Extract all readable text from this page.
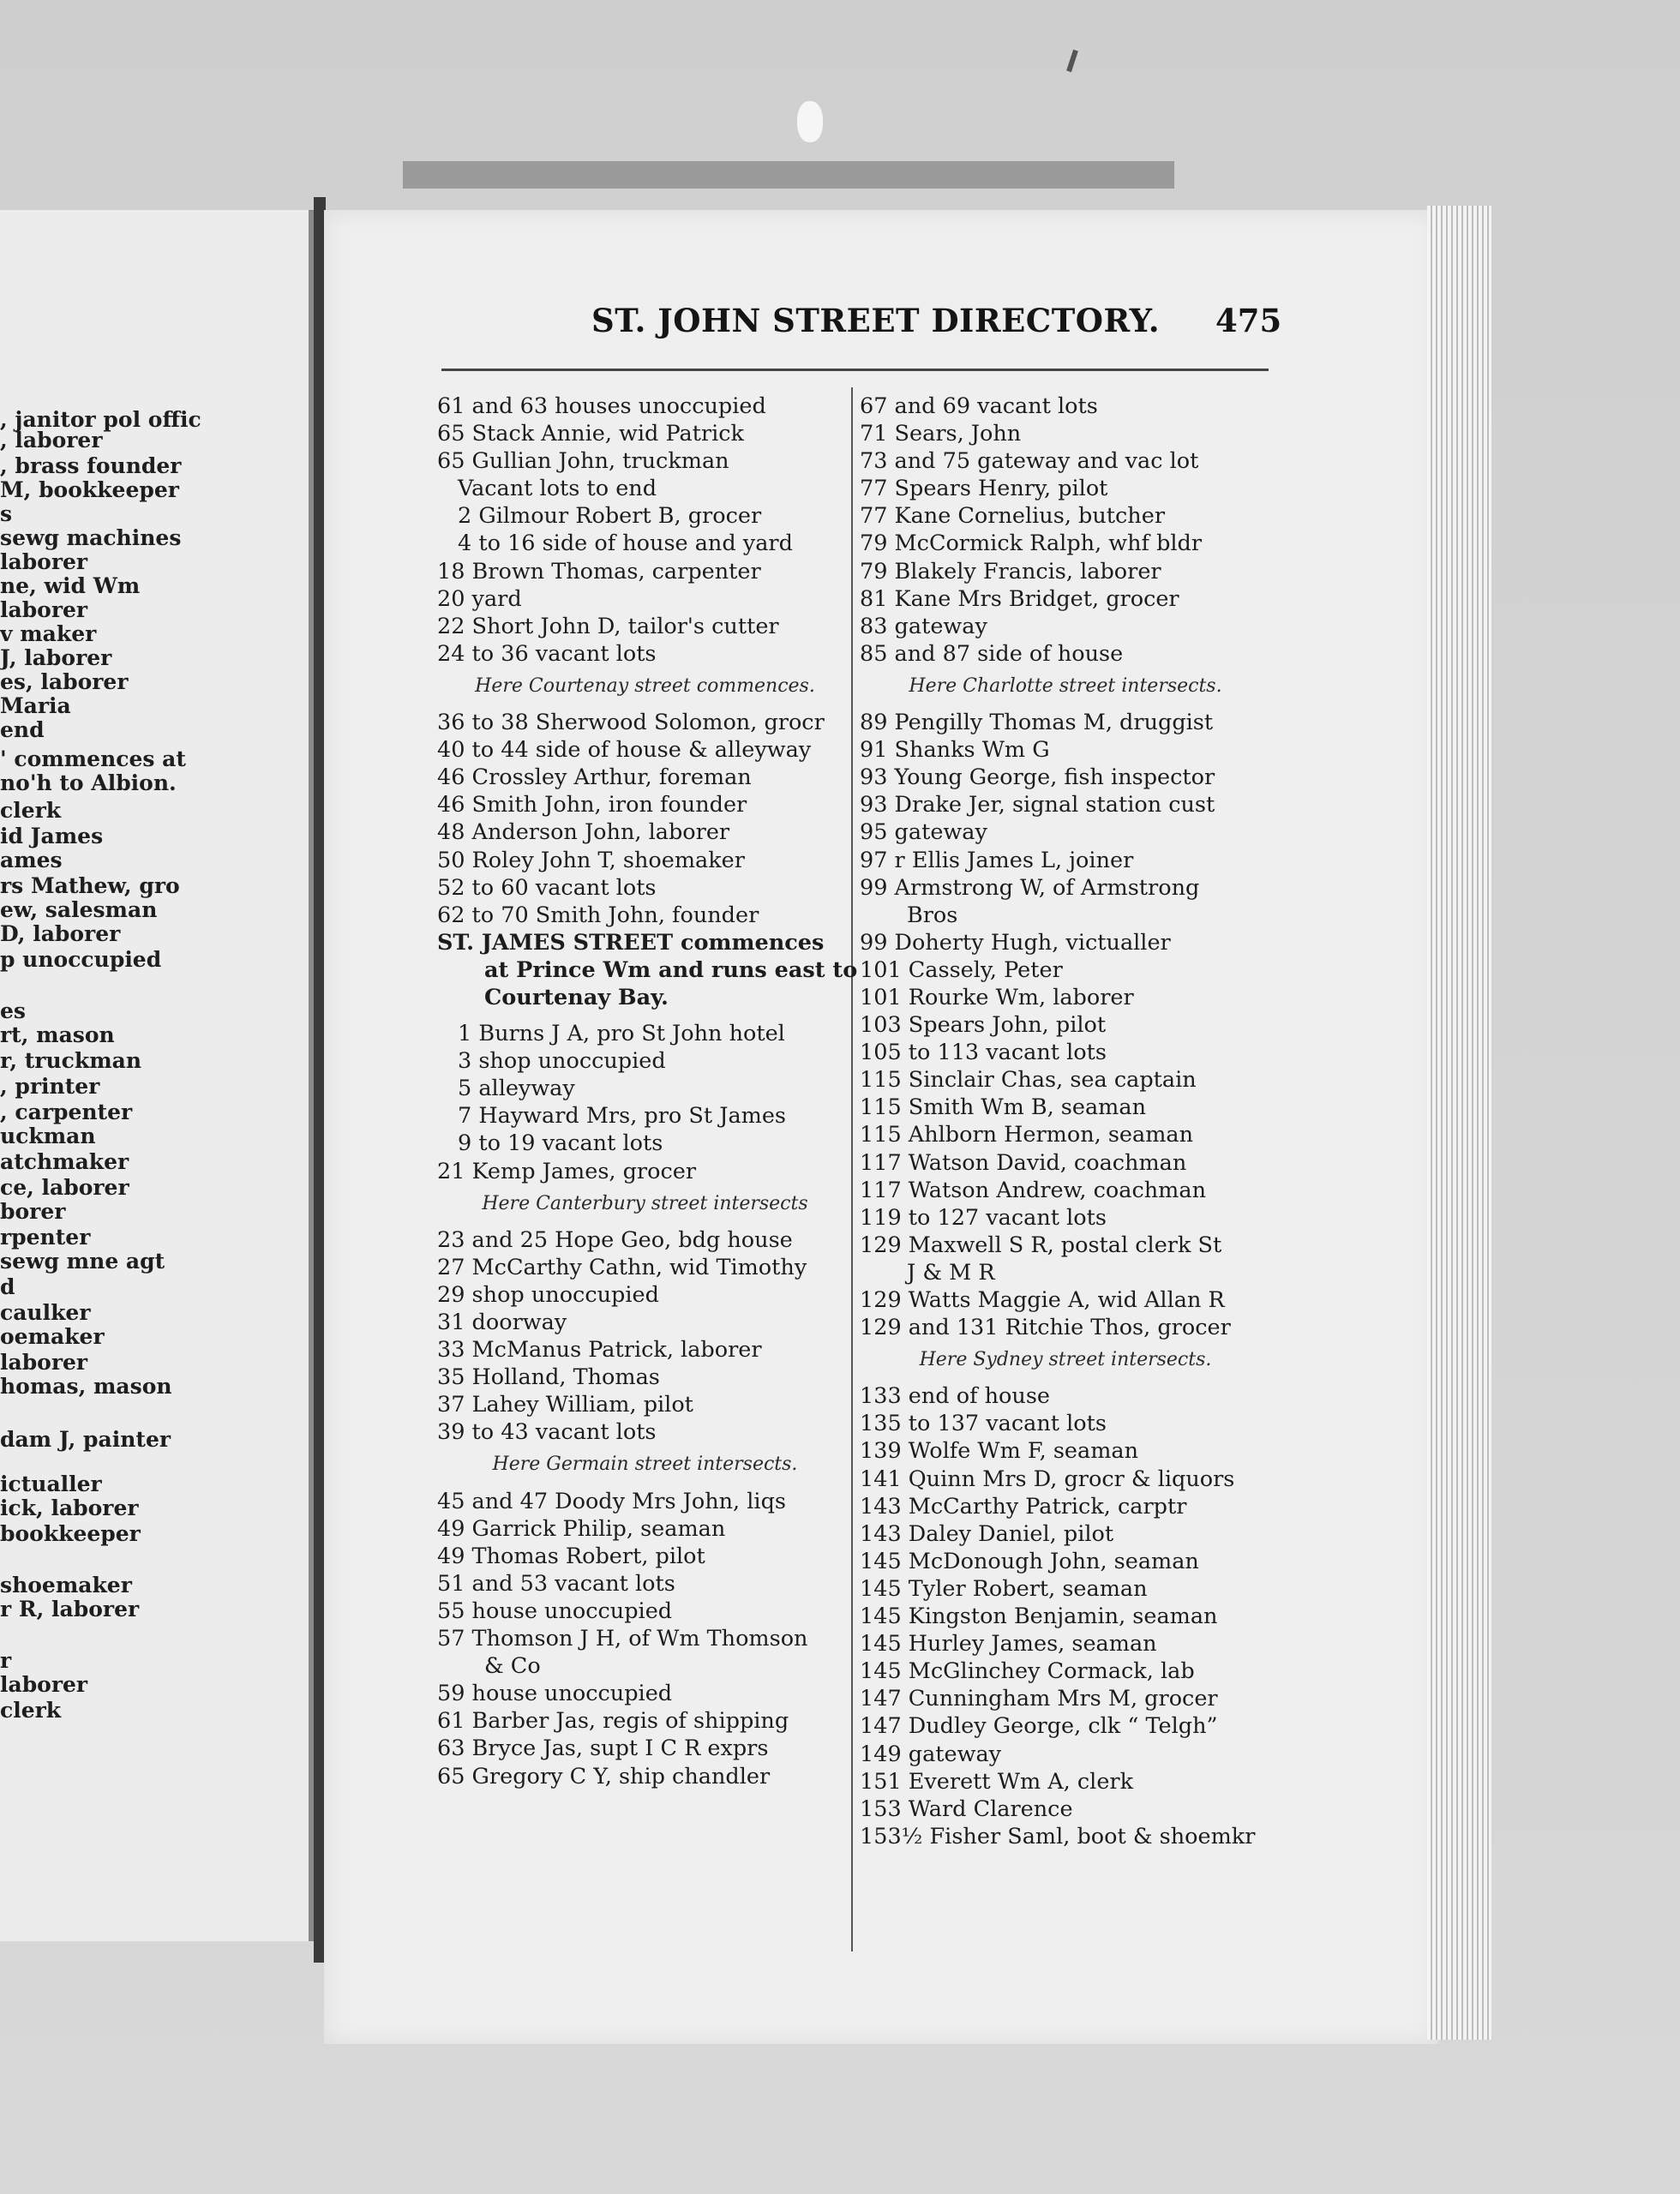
, janitor pol offic
, laborer
, brass founder
M, bookkeeper
s
sewg machines
laborer
ne, wid Wm
laborer
v maker
J, laborer
es, laborer
Maria
end
' commences at
no'h to Albion.
clerk
id James
ames
rs Mathew, gro
ew, salesman
D, laborer
p unoccupied
es
rt, mason
r, truckman
, printer
, carpenter
uckman
atchmaker
ce, laborer
borer
rpenter
sewg mne agt
d
caulker
oemaker
laborer
homas, mason
dam J, painter
ictualler
ick, laborer
bookkeeper
shoemaker
r R, laborer
r
laborer
clerk
ST. JOHN STREET DIRECTORY. 475
61 and 63 houses unoccupied
65 Stack Annie, wid Patrick
65 Gullian John, truckman
Vacant lots to end
2 Gilmour Robert B, grocer
4 to 16 side of house and yard
18 Brown Thomas, carpenter
20 yard
22 Short John D, tailor's cutter
24 to 36 vacant lots
Here Courtenay street commences.
36 to 38 Sherwood Solomon, grocr
40 to 44 side of house & alleyway
46 Crossley Arthur, foreman
46 Smith John, iron founder
48 Anderson John, laborer
50 Roley John T, shoemaker
52 to 60 vacant lots
62 to 70 Smith John, founder
ST. JAMES STREET commences
at Prince Wm and runs east to
Courtenay Bay.
1 Burns J A, pro St John hotel
3 shop unoccupied
5 alleyway
7 Hayward Mrs, pro St James
9 to 19 vacant lots
21 Kemp James, grocer
Here Canterbury street intersects
23 and 25 Hope Geo, bdg house
27 McCarthy Cathn, wid Timothy
29 shop unoccupied
31 doorway
33 McManus Patrick, laborer
35 Holland, Thomas
37 Lahey William, pilot
39 to 43 vacant lots
Here Germain street intersects.
45 and 47 Doody Mrs John, liqs
49 Garrick Philip, seaman
49 Thomas Robert, pilot
51 and 53 vacant lots
55 house unoccupied
57 Thomson J H, of Wm Thomson
& Co
59 house unoccupied
61 Barber Jas, regis of shipping
63 Bryce Jas, supt I C R exprs
65 Gregory C Y, ship chandler
67 and 69 vacant lots
71 Sears, John
73 and 75 gateway and vac lot
77 Spears Henry, pilot
77 Kane Cornelius, butcher
79 McCormick Ralph, whf bldr
79 Blakely Francis, laborer
81 Kane Mrs Bridget, grocer
83 gateway
85 and 87 side of house
Here Charlotte street intersects.
89 Pengilly Thomas M, druggist
91 Shanks Wm G
93 Young George, fish inspector
93 Drake Jer, signal station cust
95 gateway
97 r Ellis James L, joiner
99 Armstrong W, of Armstrong
Bros
99 Doherty Hugh, victualler
101 Cassely, Peter
101 Rourke Wm, laborer
103 Spears John, pilot
105 to 113 vacant lots
115 Sinclair Chas, sea captain
115 Smith Wm B, seaman
115 Ahlborn Hermon, seaman
117 Watson David, coachman
117 Watson Andrew, coachman
119 to 127 vacant lots
129 Maxwell S R, postal clerk St
J & M R
129 Watts Maggie A, wid Allan R
129 and 131 Ritchie Thos, grocer
Here Sydney street intersects.
133 end of house
135 to 137 vacant lots
139 Wolfe Wm F, seaman
141 Quinn Mrs D, grocr & liquors
143 McCarthy Patrick, carptr
143 Daley Daniel, pilot
145 McDonough John, seaman
145 Tyler Robert, seaman
145 Kingston Benjamin, seaman
145 Hurley James, seaman
145 McGlinchey Cormack, lab
147 Cunningham Mrs M, grocer
147 Dudley George, clk “ Telgh”
149 gateway
151 Everett Wm A, clerk
153 Ward Clarence
153½ Fisher Saml, boot & shoemkr
